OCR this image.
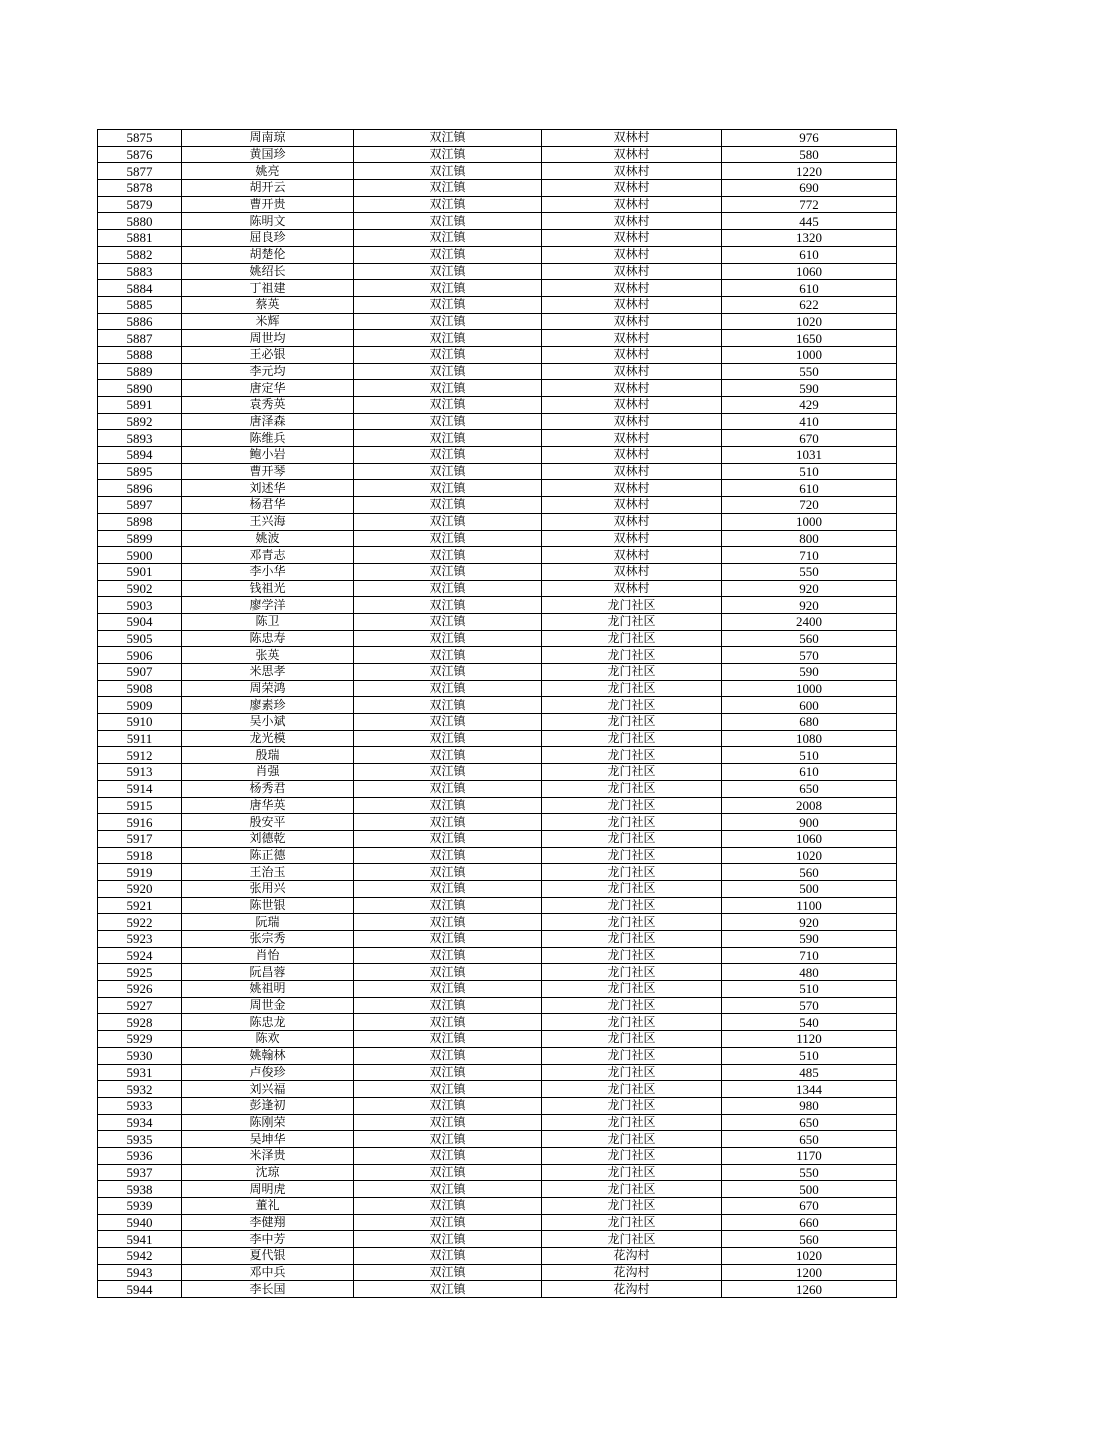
5875	周南琼	双江镇	双林村	976
5876	黄国珍	双江镇	双林村	580
5877	姚亮	双江镇	双林村	1220
5878	胡开云	双江镇	双林村	690
5879	曹开贵	双江镇	双林村	772
5880	陈明文	双江镇	双林村	445
5881	屈良珍	双江镇	双林村	1320
5882	胡楚伦	双江镇	双林村	610
5883	姚绍长	双江镇	双林村	1060
5884	丁祖建	双江镇	双林村	610
5885	蔡英	双江镇	双林村	622
5886	米辉	双江镇	双林村	1020
5887	周世均	双江镇	双林村	1650
5888	王必银	双江镇	双林村	1000
5889	李元均	双江镇	双林村	550
5890	唐定华	双江镇	双林村	590
5891	袁秀英	双江镇	双林村	429
5892	唐泽森	双江镇	双林村	410
5893	陈维兵	双江镇	双林村	670
5894	鲍小岩	双江镇	双林村	1031
5895	曹开琴	双江镇	双林村	510
5896	刘述华	双江镇	双林村	610
5897	杨君华	双江镇	双林村	720
5898	王兴海	双江镇	双林村	1000
5899	姚波	双江镇	双林村	800
5900	邓青志	双江镇	双林村	710
5901	李小华	双江镇	双林村	550
5902	钱祖光	双江镇	双林村	920
5903	廖学洋	双江镇	龙门社区	920
5904	陈卫	双江镇	龙门社区	2400
5905	陈忠寿	双江镇	龙门社区	560
5906	张英	双江镇	龙门社区	570
5907	米思孝	双江镇	龙门社区	590
5908	周荣鸿	双江镇	龙门社区	1000
5909	廖素珍	双江镇	龙门社区	600
5910	吴小斌	双江镇	龙门社区	680
5911	龙光模	双江镇	龙门社区	1080
5912	殷瑞	双江镇	龙门社区	510
5913	肖强	双江镇	龙门社区	610
5914	杨秀君	双江镇	龙门社区	650
5915	唐华英	双江镇	龙门社区	2008
5916	殷安平	双江镇	龙门社区	900
5917	刘德乾	双江镇	龙门社区	1060
5918	陈正德	双江镇	龙门社区	1020
5919	王治玉	双江镇	龙门社区	560
5920	张用兴	双江镇	龙门社区	500
5921	陈世银	双江镇	龙门社区	1100
5922	阮瑞	双江镇	龙门社区	920
5923	张宗秀	双江镇	龙门社区	590
5924	肖怡	双江镇	龙门社区	710
5925	阮昌蓉	双江镇	龙门社区	480
5926	姚祖明	双江镇	龙门社区	510
5927	周世金	双江镇	龙门社区	570
5928	陈忠龙	双江镇	龙门社区	540
5929	陈欢	双江镇	龙门社区	1120
5930	姚翰林	双江镇	龙门社区	510
5931	卢俊珍	双江镇	龙门社区	485
5932	刘兴福	双江镇	龙门社区	1344
5933	彭逢初	双江镇	龙门社区	980
5934	陈刚荣	双江镇	龙门社区	650
5935	吴坤华	双江镇	龙门社区	650
5936	米泽贵	双江镇	龙门社区	1170
5937	沈琼	双江镇	龙门社区	550
5938	周明虎	双江镇	龙门社区	500
5939	董礼	双江镇	龙门社区	670
5940	李健翔	双江镇	龙门社区	660
5941	李中芳	双江镇	龙门社区	560
5942	夏代银	双江镇	花沟村	1020
5943	邓中兵	双江镇	花沟村	1200
5944	李长国	双江镇	花沟村	1260
